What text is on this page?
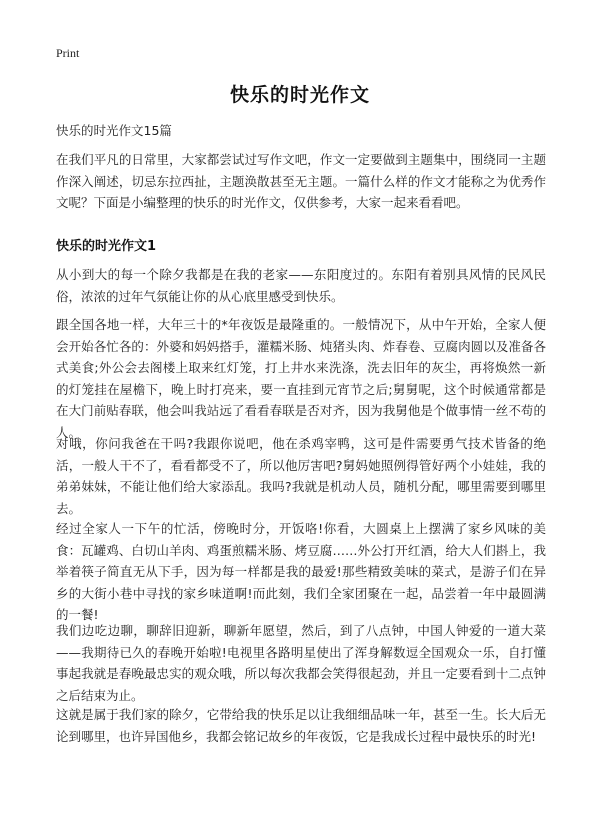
Print
快乐的时光作文
快乐的时光作文15篇

在我们平凡的日常里，大家都尝试过写作文吧，作文一定要做到主题集中，围绕同一主题作深入阐述，切忌东拉西扯，主题涣散甚至无主题。一篇什么样的作文才能称之为优秀作文呢？下面是小编整理的快乐的时光作文，仅供参考，大家一起来看看吧。

快乐的时光作文1

从小到大的每一个除夕我都是在我的老家——东阳度过的。东阳有着别具风情的民风民俗，浓浓的过年气氛能让你的从心底里感受到快乐。

跟全国各地一样，大年三十的*年夜饭是最隆重的。一般情况下，从中午开始，全家人便会开始各忙各的：外婆和妈妈搭手，灌糯米肠、炖猪头肉、炸春卷、豆腐肉圆以及准备各式美食;外公会去阁楼上取来红灯笼，打上井水来洗涤，洗去旧年的灰尘，再将焕然一新的灯笼挂在屋檐下，晚上时打亮来，要一直挂到元宵节之后;舅舅呢，这个时候通常都是在大门前贴春联，他会叫我站远了看看春联是否对齐，因为我舅他是个做事情一丝不苟的人。

对哦，你问我爸在干吗?我跟你说吧，他在杀鸡宰鸭，这可是件需要勇气技术皆备的绝活，一般人干不了，看看都受不了，所以他厉害吧?舅妈她照例得管好两个小娃娃，我的弟弟妹妹，不能让他们给大家添乱。我吗?我就是机动人员，随机分配，哪里需要到哪里去。

经过全家人一下午的忙活，傍晚时分，开饭咯!你看，大圆桌上上摆满了家乡风味的美食：瓦罐鸡、白切山羊肉、鸡蛋煎糯米肠、烤豆腐……外公打开红酒，给大人们斟上，我举着筷子简直无从下手，因为每一样都是我的最爱!那些精致美味的菜式，是游子们在异乡的大街小巷中寻找的家乡味道啊!而此刻，我们全家团聚在一起，品尝着一年中最圆满的一餐!

我们边吃边聊，聊辞旧迎新，聊新年愿望，然后，到了八点钟，中国人钟爱的一道大菜——我期待已久的春晚开始啦!电视里各路明星使出了浑身解数逗全国观众一乐，自打懂事起我就是春晚最忠实的观众哦，所以每次我都会笑得很起劲，并且一定要看到十二点钟之后结束为止。

这就是属于我们家的除夕，它带给我的快乐足以让我细细品味一年，甚至一生。长大后无论到哪里，也许异国他乡，我都会铭记故乡的年夜饭，它是我成长过程中最快乐的时光!
